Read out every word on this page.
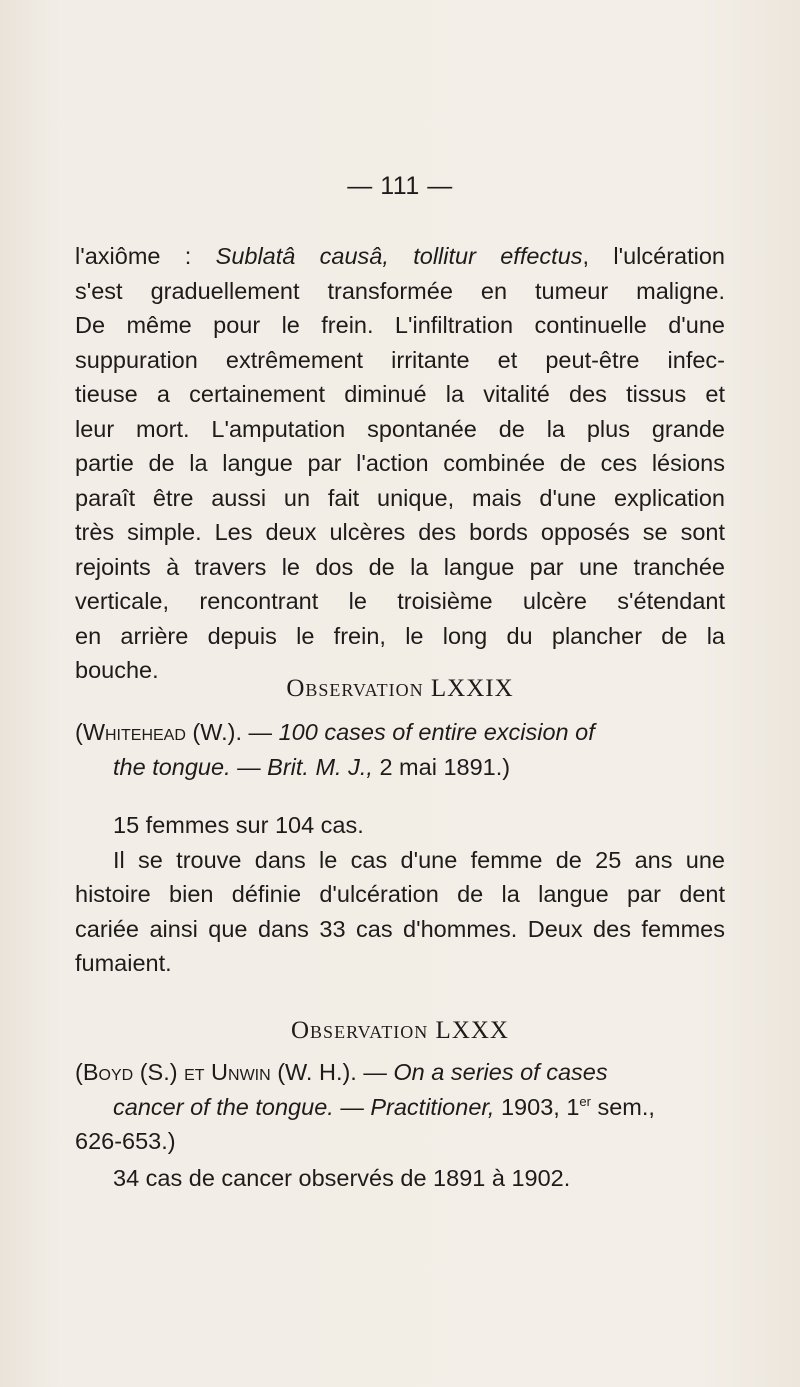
— 111 —
l'axiôme : Sublatâ causâ, tollitur effectus, l'ulcération
s'est graduellement transformée en tumeur maligne.
De même pour le frein. L'infiltration continuelle d'une
suppuration extrêmement irritante et peut-être infec-
tieuse a certainement diminué la vitalité des tissus et
leur mort. L'amputation spontanée de la plus grande
partie de la langue par l'action combinée de ces lésions
paraît être aussi un fait unique, mais d'une explication
très simple. Les deux ulcères des bords opposés se sont
rejoints à travers le dos de la langue par une tranchée
verticale, rencontrant le troisième ulcère s'étendant
en arrière depuis le frein, le long du plancher de la
bouche.
Observation LXXIX
(Whitehead (W.). — 100 cases of entire excision of
the tongue. — Brit. M. J., 2 mai 1891.)
15 femmes sur 104 cas.
Il se trouve dans le cas d'une femme de 25 ans une
histoire bien définie d'ulcération de la langue par dent
cariée ainsi que dans 33 cas d'hommes. Deux des femmes
fumaient.
Observation LXXX
(Boyd (S.) et Unwin (W. H.). — On a series of cases
cancer of the tongue. — Practitioner, 1903, 1er sem.,
626-653.)
34 cas de cancer observés de 1891 à 1902.
